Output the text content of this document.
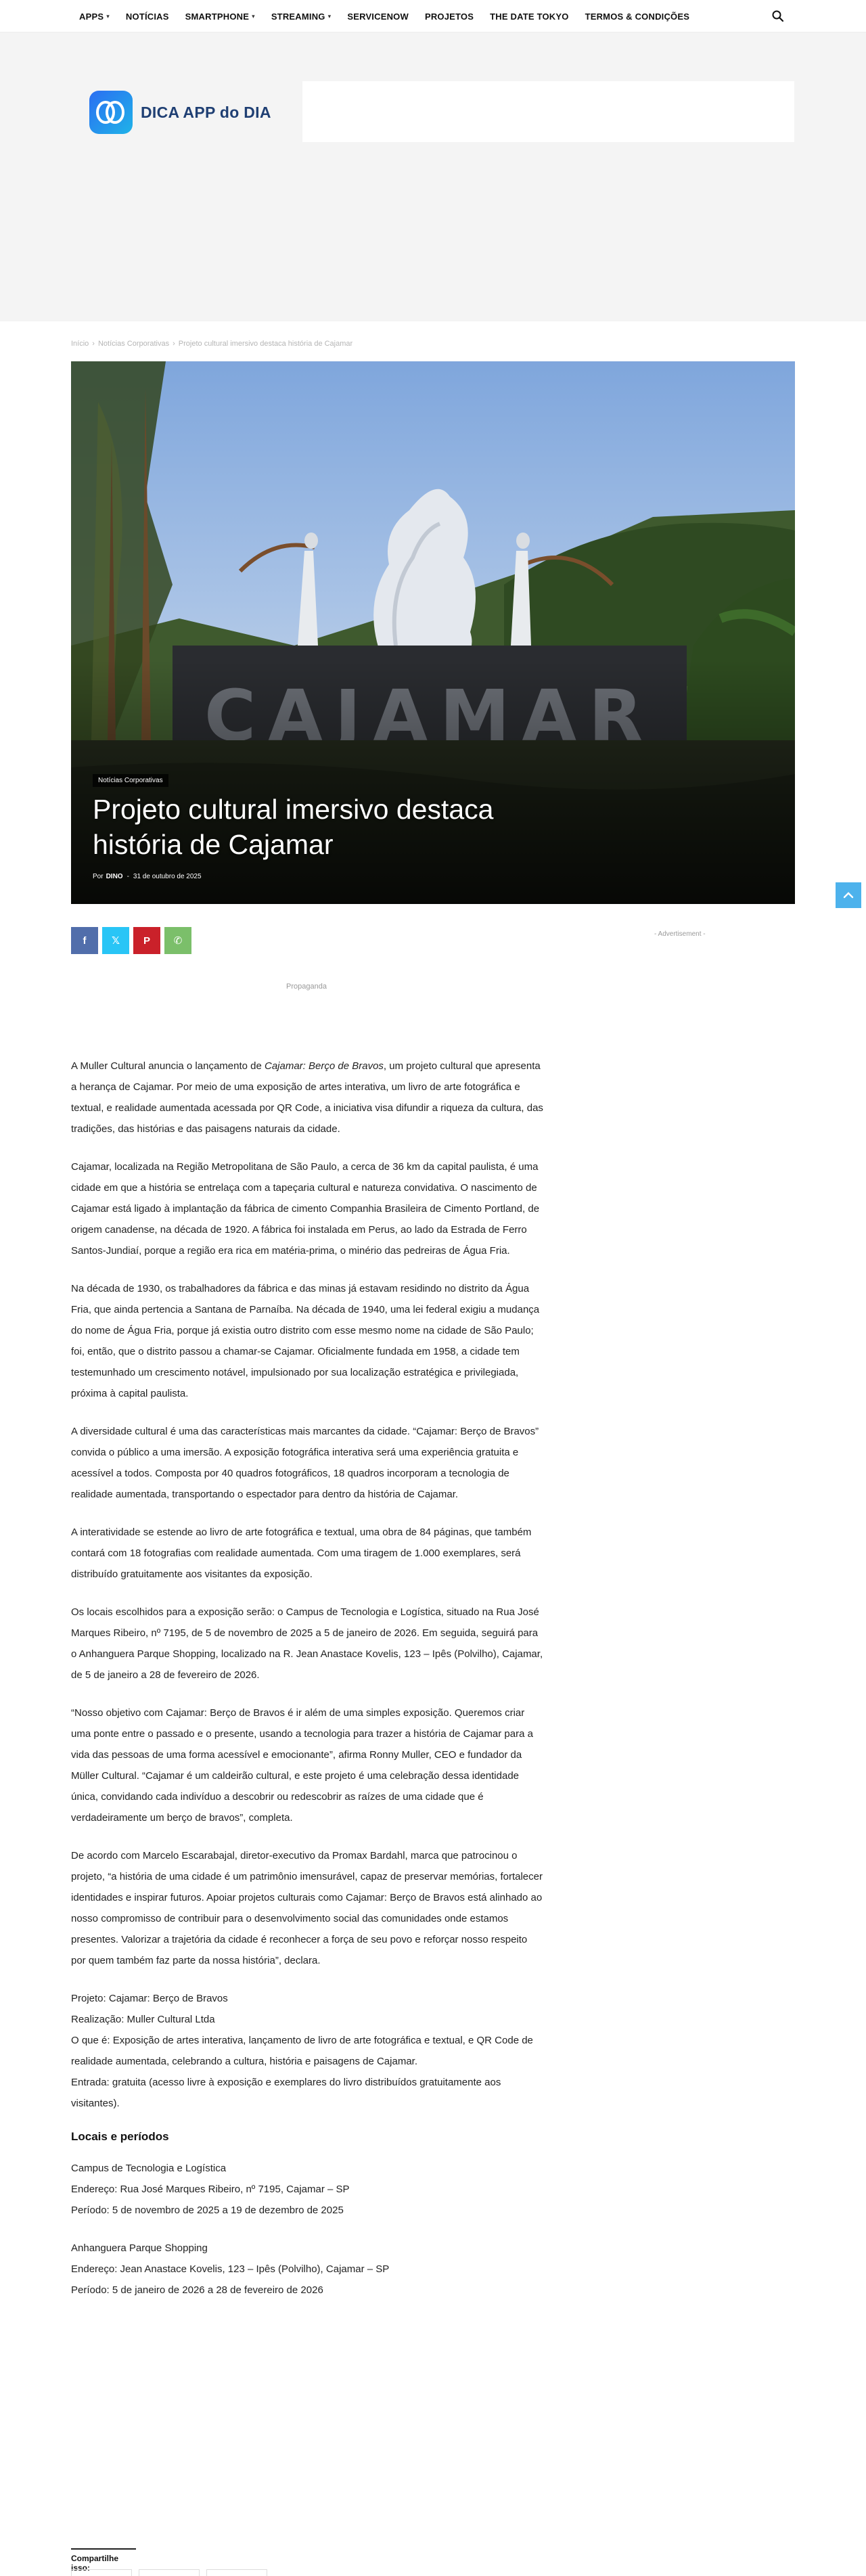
APPS ▾ NOTÍCIAS SMARTPHONE ▾ STREAMING ▾ SERVICENOW PROJETOS THE DATE TOKYO TERMOS & CONDIÇÕES
DICA APP do DIA
Início › Notícias Corporativas › Projeto cultural imersivo destaca história de Cajamar
Notícias Corporativas
Projeto cultural imersivo destaca história de Cajamar
Por DINO - 31 de outubro de 2025
f 𝕏 P ✆
- Advertisement -
Propaganda

A Muller Cultural anuncia o lançamento de Cajamar: Berço de Bravos, um projeto cultural que apresenta a herança de Cajamar. Por meio de uma exposição de artes interativa, um livro de arte fotográfica e textual, e realidade aumentada acessada por QR Code, a iniciativa visa difundir a riqueza da cultura, das tradições, das histórias e das paisagens naturais da cidade.

Cajamar, localizada na Região Metropolitana de São Paulo, a cerca de 36 km da capital paulista, é uma cidade em que a história se entrelaça com a tapeçaria cultural e natureza convidativa. O nascimento de Cajamar está ligado à implantação da fábrica de cimento Companhia Brasileira de Cimento Portland, de origem canadense, na década de 1920. A fábrica foi instalada em Perus, ao lado da Estrada de Ferro Santos-Jundiaí, porque a região era rica em matéria-prima, o minério das pedreiras de Água Fria.

Na década de 1930, os trabalhadores da fábrica e das minas já estavam residindo no distrito da Água Fria, que ainda pertencia a Santana de Parnaíba. Na década de 1940, uma lei federal exigiu a mudança do nome de Água Fria, porque já existia outro distrito com esse mesmo nome na cidade de São Paulo; foi, então, que o distrito passou a chamar-se Cajamar. Oficialmente fundada em 1958, a cidade tem testemunhado um crescimento notável, impulsionado por sua localização estratégica e privilegiada, próxima à capital paulista.

A diversidade cultural é uma das características mais marcantes da cidade. “Cajamar: Berço de Bravos” convida o público a uma imersão. A exposição fotográfica interativa será uma experiência gratuita e acessível a todos. Composta por 40 quadros fotográficos, 18 quadros incorporam a tecnologia de realidade aumentada, transportando o espectador para dentro da história de Cajamar.

A interatividade se estende ao livro de arte fotográfica e textual, uma obra de 84 páginas, que também contará com 18 fotografias com realidade aumentada. Com uma tiragem de 1.000 exemplares, será distribuído gratuitamente aos visitantes da exposição.

Os locais escolhidos para a exposição serão: o Campus de Tecnologia e Logística, situado na Rua José Marques Ribeiro, nº 7195, de 5 de novembro de 2025 a 5 de janeiro de 2026. Em seguida, seguirá para o Anhanguera Parque Shopping, localizado na R. Jean Anastace Kovelis, 123 – Ipês (Polvilho), Cajamar, de 5 de janeiro a 28 de fevereiro de 2026.

“Nosso objetivo com Cajamar: Berço de Bravos é ir além de uma simples exposição. Queremos criar uma ponte entre o passado e o presente, usando a tecnologia para trazer a história de Cajamar para a vida das pessoas de uma forma acessível e emocionante”, afirma Ronny Muller, CEO e fundador da Müller Cultural. “Cajamar é um caldeirão cultural, e este projeto é uma celebração dessa identidade única, convidando cada indivíduo a descobrir ou redescobrir as raízes de uma cidade que é verdadeiramente um berço de bravos”, completa.

De acordo com Marcelo Escarabajal, diretor-executivo da Promax Bardahl, marca que patrocinou o projeto, “a história de uma cidade é um patrimônio imensurável, capaz de preservar memórias, fortalecer identidades e inspirar futuros. Apoiar projetos culturais como Cajamar: Berço de Bravos está alinhado ao nosso compromisso de contribuir para o desenvolvimento social das comunidades onde estamos presentes. Valorizar a trajetória da cidade é reconhecer a força de seu povo e reforçar nosso respeito por quem também faz parte da nossa história”, declara.

Projeto: Cajamar: Berço de Bravos
Realização: Muller Cultural Ltda
O que é: Exposição de artes interativa, lançamento de livro de arte fotográfica e textual, e QR Code de realidade aumentada, celebrando a cultura, história e paisagens de Cajamar.
Entrada: gratuita (acesso livre à exposição e exemplares do livro distribuídos gratuitamente aos visitantes).
Locais e períodos
Campus de Tecnologia e Logística
Endereço: Rua José Marques Ribeiro, nº 7195, Cajamar – SP
Período: 5 de novembro de 2025 a 19 de dezembro de 2025
Anhanguera Parque Shopping
Endereço: Jean Anastace Kovelis, 123 – Ipês (Polvilho), Cajamar – SP
Período: 5 de janeiro de 2026 a 28 de fevereiro de 2026
Compartilhe isso:
